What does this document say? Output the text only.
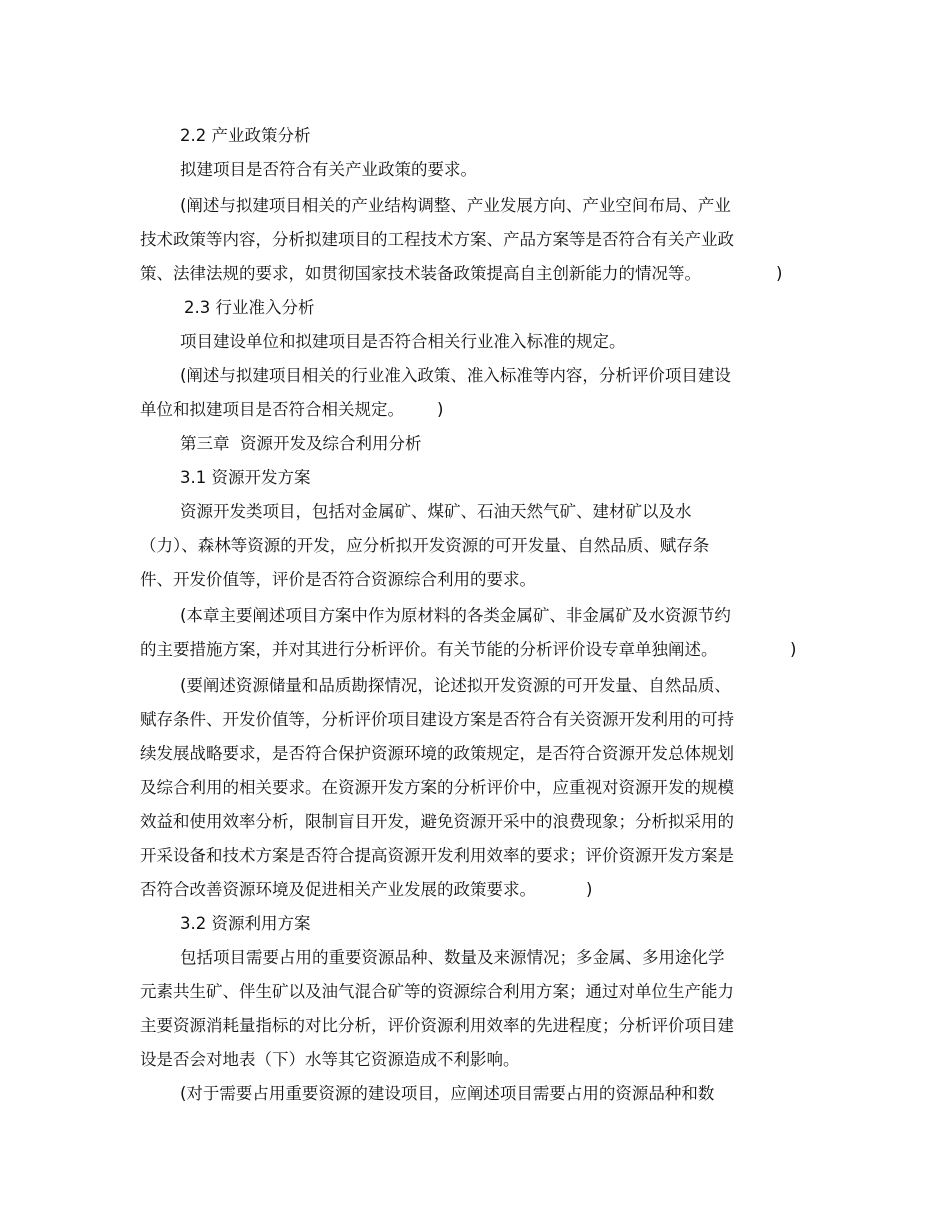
2.2 产业政策分析
拟建项目是否符合有关产业政策的要求。
(阐述与拟建项目相关的产业结构调整、产业发展方向、产业空间布局、产业
技术政策等内容，分析拟建项目的工程技术方案、产品方案等是否符合有关产业政
策、法律法规的要求，如贯彻国家技术装备政策提高自主创新能力的情况等。	)
2.3 行业准入分析
项目建设单位和拟建项目是否符合相关行业准入标准的规定。
(阐述与拟建项目相关的行业准入政策、准入标准等内容，分析评价项目建设
单位和拟建项目是否符合相关规定。 )
第三章  资源开发及综合利用分析
3.1 资源开发方案
资源开发类项目，包括对金属矿、煤矿、石油天然气矿、建材矿以及水
（力）、森林等资源的开发，应分析拟开发资源的可开发量、自然品质、赋存条
件、开发价值等，评价是否符合资源综合利用的要求。
(本章主要阐述项目方案中作为原材料的各类金属矿、非金属矿及水资源节约
的主要措施方案，并对其进行分析评价。有关节能的分析评价设专章单独阐述。	)
(要阐述资源储量和品质勘探情况，论述拟开发资源的可开发量、自然品质、
赋存条件、开发价值等，分析评价项目建设方案是否符合有关资源开发利用的可持
续发展战略要求，是否符合保护资源环境的政策规定，是否符合资源开发总体规划
及综合利用的相关要求。在资源开发方案的分析评价中，应重视对资源开发的规模
效益和使用效率分析，限制盲目开发，避免资源开采中的浪费现象；分析拟采用的
开采设备和技术方案是否符合提高资源开发利用效率的要求；评价资源开发方案是
否符合改善资源环境及促进相关产业发展的政策要求。	)
3.2 资源利用方案
包括项目需要占用的重要资源品种、数量及来源情况；多金属、多用途化学
元素共生矿、伴生矿以及油气混合矿等的资源综合利用方案；通过对单位生产能力
主要资源消耗量指标的对比分析，评价资源利用效率的先进程度；分析评价项目建
设是否会对地表（下）水等其它资源造成不利影响。
(对于需要占用重要资源的建设项目，应阐述项目需要占用的资源品种和数
